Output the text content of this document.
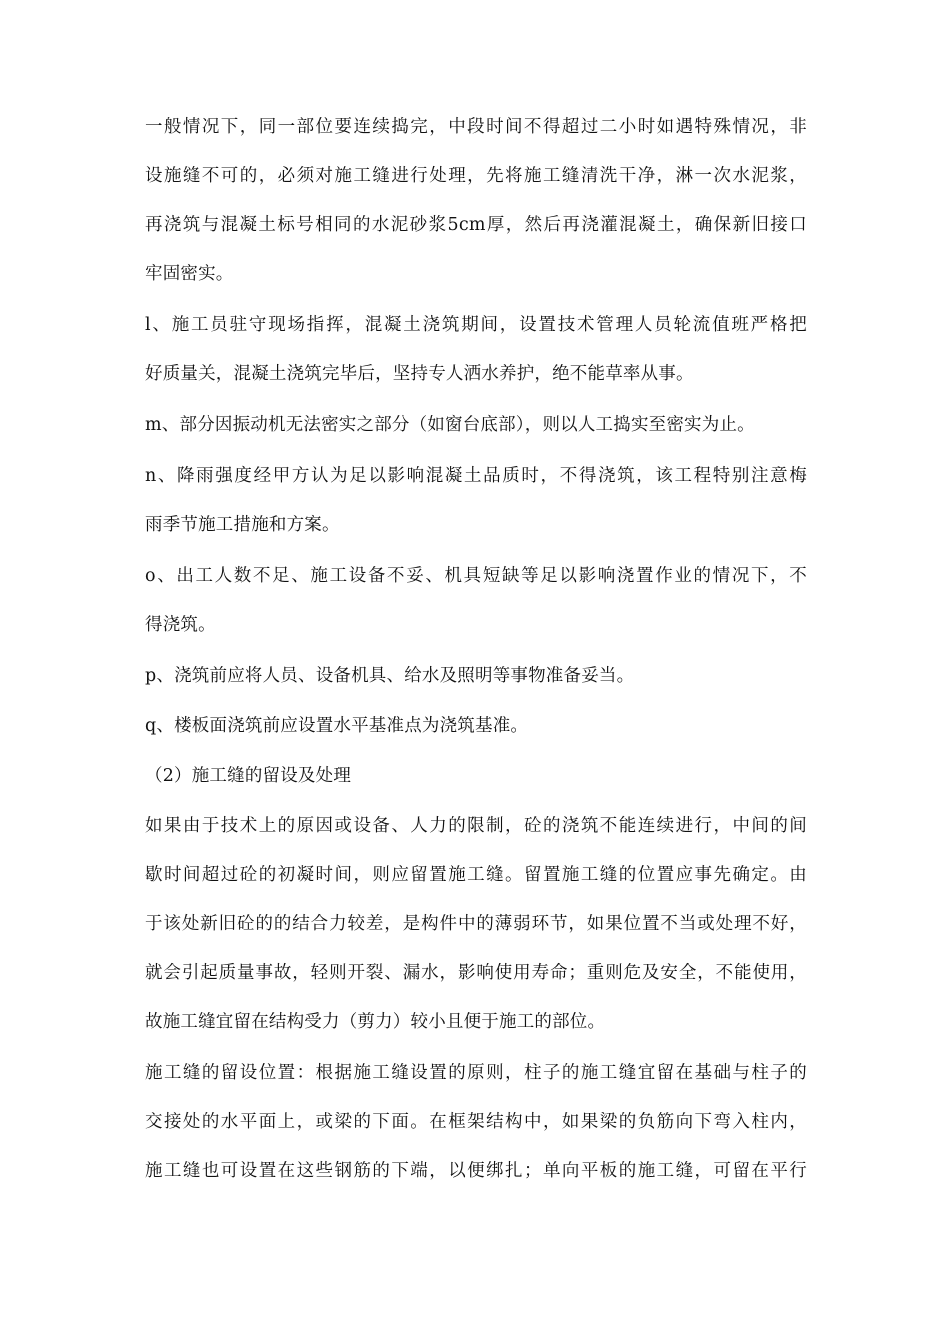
一般情况下，同一部位要连续捣完，中段时间不得超过二小时如遇特殊情况，非
设施缝不可的，必须对施工缝进行处理，先将施工缝清洗干净，淋一次水泥浆，
再浇筑与混凝土标号相同的水泥砂浆5cm厚，然后再浇灌混凝土，确保新旧接口
牢固密实。
l、施工员驻守现场指挥，混凝土浇筑期间，设置技术管理人员轮流值班严格把
好质量关，混凝土浇筑完毕后，坚持专人洒水养护，绝不能草率从事。
m、部分因振动机无法密实之部分（如窗台底部），则以人工捣实至密实为止。
n、降雨强度经甲方认为足以影响混凝土品质时，不得浇筑，该工程特别注意梅
雨季节施工措施和方案。
o、出工人数不足、施工设备不妥、机具短缺等足以影响浇置作业的情况下，不
得浇筑。
p、浇筑前应将人员、设备机具、给水及照明等事物准备妥当。
q、楼板面浇筑前应设置水平基准点为浇筑基准。
（2）施工缝的留设及处理
如果由于技术上的原因或设备、人力的限制，砼的浇筑不能连续进行，中间的间
歇时间超过砼的初凝时间，则应留置施工缝。留置施工缝的位置应事先确定。由
于该处新旧砼的的结合力较差，是构件中的薄弱环节，如果位置不当或处理不好，
就会引起质量事故，轻则开裂、漏水，影响使用寿命；重则危及安全，不能使用，
故施工缝宜留在结构受力（剪力）较小且便于施工的部位。
施工缝的留设位置：根据施工缝设置的原则，柱子的施工缝宜留在基础与柱子的
交接处的水平面上，或梁的下面。在框架结构中，如果梁的负筋向下弯入柱内，
施工缝也可设置在这些钢筋的下端，以便绑扎；单向平板的施工缝，可留在平行
